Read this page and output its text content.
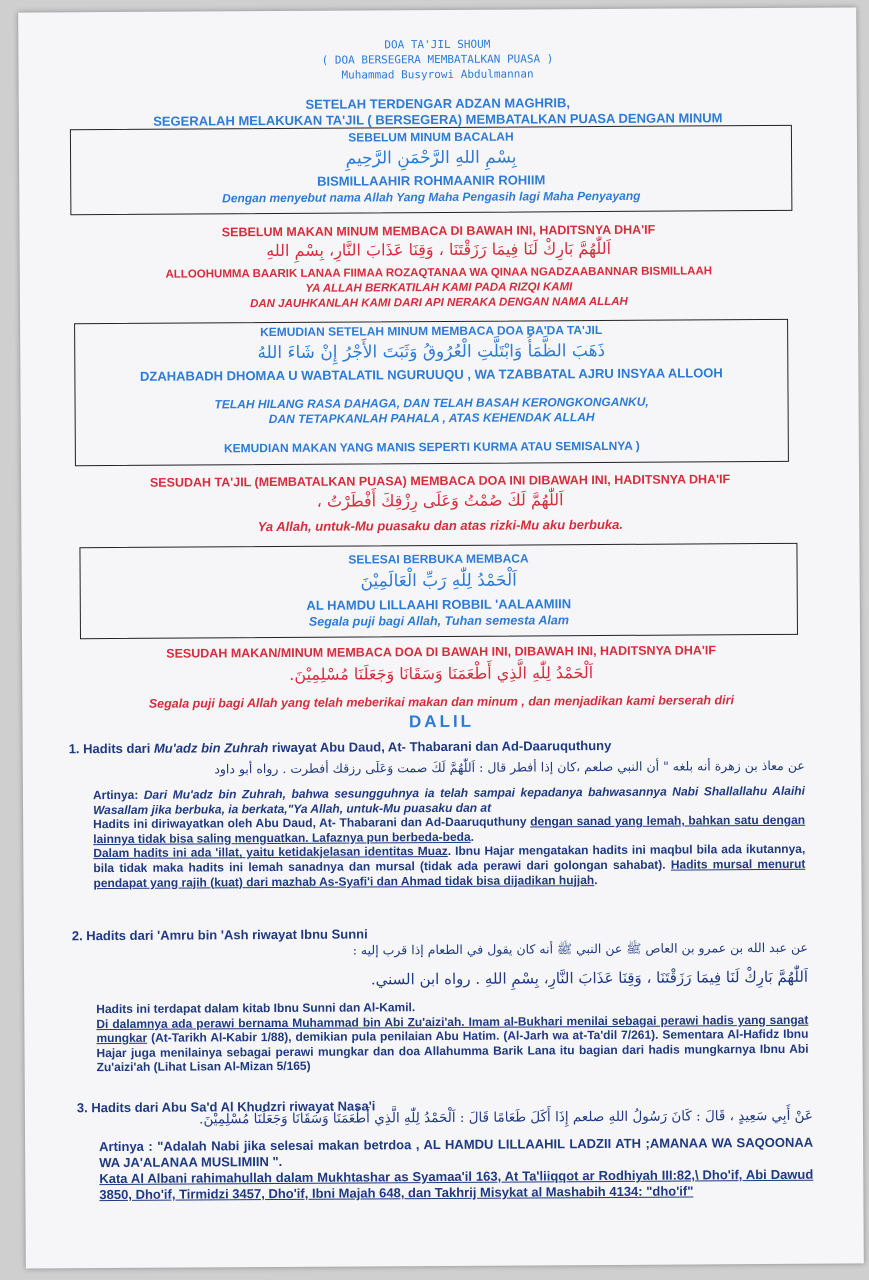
DOA TA'JIL SHOUM
( DOA BERSEGERA MEMBATALKAN PUASA )
Muhammad Busyrowi Abdulmannan
SETELAH TERDENGAR ADZAN MAGHRIB,
SEGERALAH MELAKUKAN TA'JIL ( BERSEGERA) MEMBATALKAN PUASA DENGAN MINUM
SEBELUM MINUM BACALAH
بِسْمِ اللهِ الرَّحْمَنِ الرَّحِيمِ
BISMILLAAHIR ROHMAANIR ROHIIM
Dengan menyebut nama Allah Yang Maha Pengasih lagi Maha Penyayang
SEBELUM MAKAN MINUM MEMBACA DI BAWAH INI, HADITSNYA DHA'IF
اَللّٰهُمَّ بَارِكْ لَنَا فِيمَا رَزَقْتَنَا ، وَقِنَا عَذَابَ النَّارِ، بِسْمِ اللهِ
ALLOOHUMMA BAARIK LANAA FIIMAA ROZAQTANAA WA QINAA NGADZAABANNAR BISMILLAAH
YA ALLAH BERKATILAH KAMI PADA RIZQI KAMI
DAN JAUHKANLAH KAMI DARI API NERAKA DENGAN NAMA ALLAH
KEMUDIAN SETELAH MINUM MEMBACA DOA BA'DA TA'JIL
ذَهَبَ الظَّمَأُ وَابْتَلَّتِ الْعُرُوقُ وَثَبَتَ الأَجْرُ إِنْ شَاءَ اللهُ
DZAHABADH DHOMAA U WABTALATIL NGURUUQU , WA TZABBATAL AJRU INSYAA ALLOOH
TELAH HILANG RASA DAHAGA, DAN TELAH BASAH KERONGKONGANKU,
DAN TETAPKANLAH PAHALA , ATAS KEHENDAK ALLAH
KEMUDIAN MAKAN YANG MANIS SEPERTI KURMA ATAU SEMISALNYA )
SESUDAH TA'JIL (MEMBATALKAN PUASA) MEMBACA DOA INI DIBAWAH INI, HADITSNYA DHA'IF
اَللّٰهُمَّ لَكَ صُمْتُ وَعَلَى رِزْقِكَ أَفْطَرْتُ ،
Ya Allah, untuk-Mu puasaku dan atas rizki-Mu aku berbuka.
SELESAI BERBUKA MEMBACA
اَلْحَمْدُ لِلّٰهِ رَبِّ الْعَالَمِيْنَ
AL HAMDU LILLAAHI ROBBIL 'AALAAMIIN
Segala puji bagi Allah, Tuhan semesta Alam
SESUDAH MAKAN/MINUM MEMBACA DOA DI BAWAH INI, DIBAWAH INI, HADITSNYA DHA'IF
اَلْحَمْدُ لِلّٰهِ الَّذِي أَطْعَمَنَا وَسَقَانَا وَجَعَلَنَا مُسْلِمِيْنَ.
Segala puji bagi Allah yang telah meberikai makan dan minum , dan menjadikan kami berserah diri
DALIL
1. Hadits dari Mu'adz bin Zuhrah riwayat Abu Daud, At- Thabarani dan Ad-Daaruquthuny
عن معاذ بن زهرة أنه بلغه " أن النبي صلعم ،كان إذا أفطر قال : اَللّٰهُمَّ لَكَ صمت وَعَلَى رزقك أفطرت . رواه أبو داود

Artinya: Dari Mu'adz bin Zuhrah, bahwa sesungguhnya ia telah sampai kepadanya bahwasannya Nabi Shallallahu Alaihi Wasallam jika berbuka, ia berkata,"Ya Allah, untuk-Mu puasaku dan at

Hadits ini diriwayatkan oleh Abu Daud, At- Thabarani dan Ad-Daaruquthuny dengan sanad yang lemah, bahkan satu dengan lainnya tidak bisa saling menguatkan. Lafaznya pun berbeda-beda.

Dalam hadits ini ada 'illat, yaitu ketidakjelasan identitas Muaz. Ibnu Hajar mengatakan hadits ini maqbul bila ada ikutannya, bila tidak maka hadits ini lemah sanadnya dan mursal (tidak ada perawi dari golongan sahabat). Hadits mursal menurut pendapat yang rajih (kuat) dari mazhab As-Syafi'i dan Ahmad tidak bisa dijadikan hujjah.

2. Hadits dari 'Amru bin 'Ash riwayat Ibnu Sunni
عن عبد الله بن عمرو بن العاص ﷺ عن النبي ﷺ أنه كان يقول في الطعام إذا قرب إليه :
اَللّٰهُمَّ بَارِكْ لَنَا فِيمَا رَزَقْتَنَا ، وَقِنَا عَذَابَ النَّارِ، بِسْمِ اللهِ . رواه ابن السني.

Hadits ini terdapat dalam kitab Ibnu Sunni dan Al-Kamil.

Di dalamnya ada perawi bernama Muhammad bin Abi Zu'aizi'ah. Imam al-Bukhari menilai sebagai perawi hadis yang sangat mungkar (At-Tarikh Al-Kabir 1/88), demikian pula penilaian Abu Hatim. (Al-Jarh wa at-Ta'dil 7/261). Sementara Al-Hafidz Ibnu Hajar juga menilainya sebagai perawi mungkar dan doa Allahumma Barik Lana itu bagian dari hadis mungkarnya Ibnu Abi Zu'aizi'ah (Lihat Lisan Al-Mizan 5/165)

3. Hadits dari Abu Sa'd Al Khudzri riwayat Nasa'i
عَنْ أَبِي سَعِيدٍ ، قَالَ : كَانَ رَسُولُ اللهِ صلعم إِذَا أَكَلَ طَعَامًا قَالَ : اَلْحَمْدُ لِلّٰهِ الَّذِي أَطْعَمَنَا وَسَقَانَا وَجَعَلَنَا مُسْلِمِيْنَ.

Artinya : "Adalah Nabi jika selesai makan betrdoa , AL HAMDU LILLAAHIL LADZII ATH ;AMANAA WA SAQOONAA WA JA'ALANAA MUSLIMIIN ".

Kata Al Albani rahimahullah dalam Mukhtashar as Syamaa'il 163, At Ta'liiqqot ar Rodhiyah III:82,\ Dho'if, Abi Dawud 3850, Dho'if, Tirmidzi 3457, Dho'if, Ibni Majah 648, dan Takhrij Misykat al Mashabih 4134: "dho'if"
